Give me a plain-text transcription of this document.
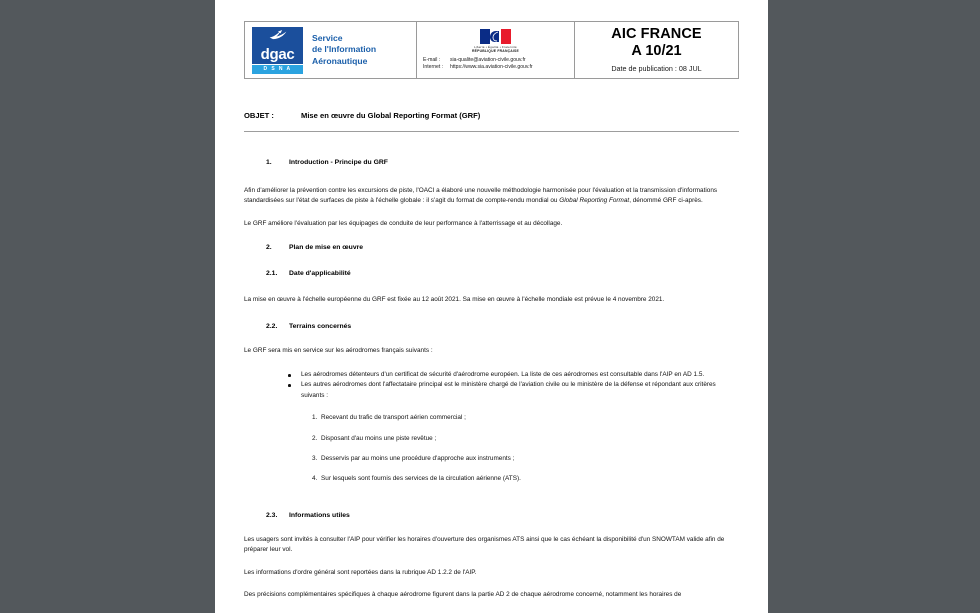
dgac
D S N A
Service
de l'Information
Aéronautique
Liberté • Égalité • Fraternité
RÉPUBLIQUE FRANÇAISE
E-mail :	sia-qualite@aviation-civile.gouv.fr
Internet :	https://www.sia.aviation-civile.gouv.fr
AIC FRANCE
A 10/21
Date de publication : 08 JUL
OBJET :	Mise en œuvre du Global Reporting Format (GRF)
1.	Introduction - Principe du GRF

Afin d'améliorer la prévention contre les excursions de piste, l'OACI a élaboré une nouvelle méthodologie harmonisée pour l'évaluation et la transmission d'informations standardisées sur l'état de surfaces de piste à l'échelle globale : il s'agit du format de compte-rendu mondial ou Global Reporting Format, dénommé GRF ci-après.

Le GRF améliore l'évaluation par les équipages de conduite de leur performance à l'atterrissage et au décollage.

2.	Plan de mise en œuvre
2.1.	Date d'applicabilité

La mise en œuvre à l'échelle européenne du GRF est fixée au 12 août 2021. Sa mise en œuvre à l'échelle mondiale est prévue le 4 novembre 2021.

2.2.	Terrains concernés

Le GRF sera mis en service sur les aérodromes français suivants :

Les aérodromes détenteurs d'un certificat de sécurité d'aérodrome européen. La liste de ces aérodromes est consultable dans l'AIP en AD 1.5.
Les autres aérodromes dont l'affectataire principal est le ministère chargé de l'aviation civile ou le ministère de la défense et répondant aux critères suivants :
1. Recevant du trafic de transport aérien commercial ;
2. Disposant d'au moins une piste revêtue ;
3. Desservis par au moins une procédure d'approche aux instruments ;
4. Sur lesquels sont fournis des services de la circulation aérienne (ATS).
2.3.	Informations utiles

Les usagers sont invités à consulter l'AIP pour vérifier les horaires d'ouverture des organismes ATS ainsi que le cas échéant la disponibilité d'un SNOWTAM valide afin de préparer leur vol.

Les informations d'ordre général sont reportées dans la rubrique AD 1.2.2 de l'AIP.

Des précisions complémentaires spécifiques à chaque aérodrome figurent dans la partie AD 2 de chaque aérodrome concerné, notamment les horaires de
